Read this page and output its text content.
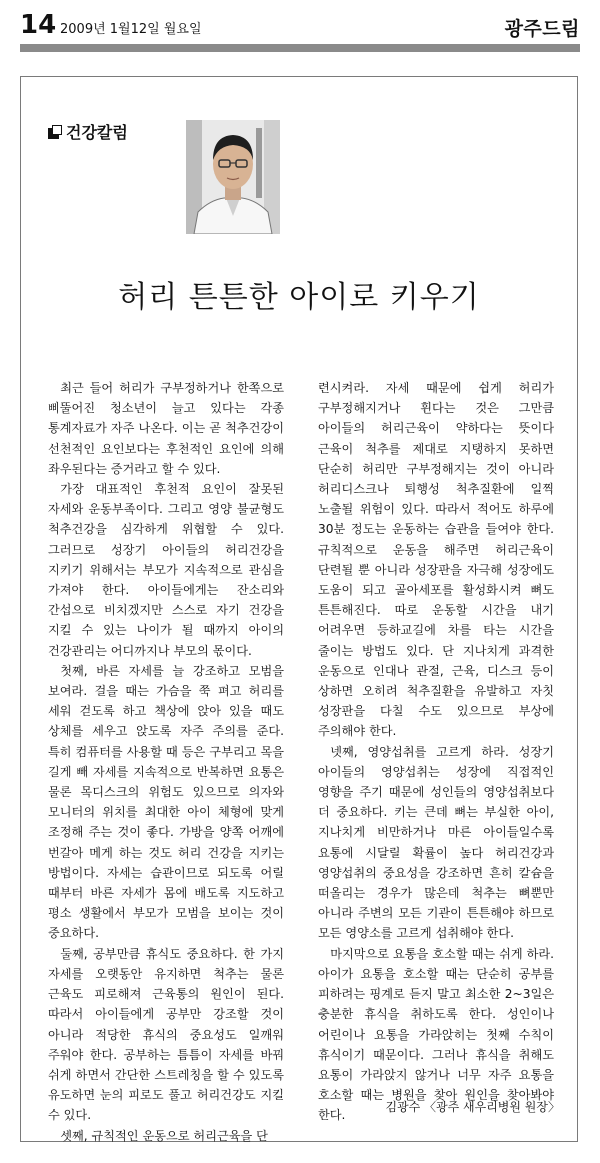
14 2009년 1월12일 월요일	광주드림
건강칼럼
허리 튼튼한 아이로 키우기

최근 들어 허리가 구부정하거나 한쪽으로 삐뚤어진 청소년이 늘고 있다는 각종 통계자료가 자주 나온다. 이는 곧 척추건강이 선천적인 요인보다는 후천적인 요인에 의해 좌우된다는 증거라고 할 수 있다.

가장 대표적인 후천적 요인이 잘못된 자세와 운동부족이다. 그리고 영양 불균형도 척추건강을 심각하게 위협할 수 있다. 그러므로 성장기 아이들의 허리건강을 지키기 위해서는 부모가 지속적으로 관심을 가져야 한다. 아이들에게는 잔소리와 간섭으로 비치겠지만 스스로 자기 건강을 지킬 수 있는 나이가 될 때까지 아이의 건강관리는 어디까지나 부모의 몫이다.

첫째, 바른 자세를 늘 강조하고 모범을 보여라. 걸을 때는 가슴을 쭉 펴고 허리를 세워 걷도록 하고 책상에 앉아 있을 때도 상체를 세우고 앉도록 자주 주의를 준다. 특히 컴퓨터를 사용할 때 등은 구부리고 목을 길게 빼 자세를 지속적으로 반복하면 요통은 물론 목디스크의 위험도 있으므로 의자와 모니터의 위치를 최대한 아이 체형에 맞게 조정해 주는 것이 좋다. 가방을 양쪽 어깨에 번갈아 메게 하는 것도 허리 건강을 지키는 방법이다. 자세는 습관이므로 되도록 어릴 때부터 바른 자세가 몸에 배도록 지도하고 평소 생활에서 부모가 모범을 보이는 것이 중요하다.

둘째, 공부만큼 휴식도 중요하다. 한 가지 자세를 오랫동안 유지하면 척추는 물론 근육도 피로해져 근육통의 원인이 된다. 따라서 아이들에게 공부만 강조할 것이 아니라 적당한 휴식의 중요성도 일깨워 주워야 한다. 공부하는 틈틈이 자세를 바꿔 쉬게 하면서 간단한 스트레칭을 할 수 있도록 유도하면 눈의 피로도 풀고 허리건강도 지킬 수 있다.

셋째, 규칙적인 운동으로 허리근육을 단

련시켜라. 자세 때문에 쉽게 허리가 구부정해지거나 휜다는 것은 그만큼 아이들의 허리근육이 약하다는 뜻이다 근육이 척추를 제대로 지탱하지 못하면 단순히 허리만 구부정해지는 것이 아니라 허리디스크나 퇴행성 척추질환에 일찍 노출될 위험이 있다. 따라서 적어도 하루에 30분 정도는 운동하는 습관을 들여야 한다. 규칙적으로 운동을 해주면 허리근육이 단련될 뿐 아니라 성장판을 자극해 성장에도 도움이 되고 골아세포를 활성화시켜 뼈도 튼튼해진다. 따로 운동할 시간을 내기 어려우면 등하교길에 차를 타는 시간을 줄이는 방법도 있다. 단 지나치게 과격한 운동으로 인대나 관절, 근육, 디스크 등이 상하면 오히려 척추질환을 유발하고 자칫 성장판을 다칠 수도 있으므로 부상에 주의해야 한다.

넷째, 영양섭취를 고르게 하라. 성장기 아이들의 영양섭취는 성장에 직접적인 영향을 주기 때문에 성인들의 영양섭취보다 더 중요하다. 키는 큰데 뼈는 부실한 아이, 지나치게 비만하거나 마른 아이들일수록 요통에 시달릴 확률이 높다 허리건강과 영양섭취의 중요성을 강조하면 흔히 칼슘을 떠올리는 경우가 많은데 척추는 뼈뿐만 아니라 주변의 모든 기관이 튼튼해야 하므로 모든 영양소를 고르게 섭취해야 한다.

마지막으로 요통을 호소할 때는 쉬게 하라. 아이가 요통을 호소할 때는 단순히 공부를 피하려는 핑계로 듣지 말고 최소한 2~3일은 충분한 휴식을 취하도록 한다. 성인이나 어린이나 요통을 가라앉히는 첫째 수칙이 휴식이기 때문이다. 그러나 휴식을 취해도 요통이 가라앉지 않거나 너무 자주 요통을 호소할 때는 병원을 찾아 원인을 찾아봐야 한다.

김광수 〈광주 새우리병원 원장〉
